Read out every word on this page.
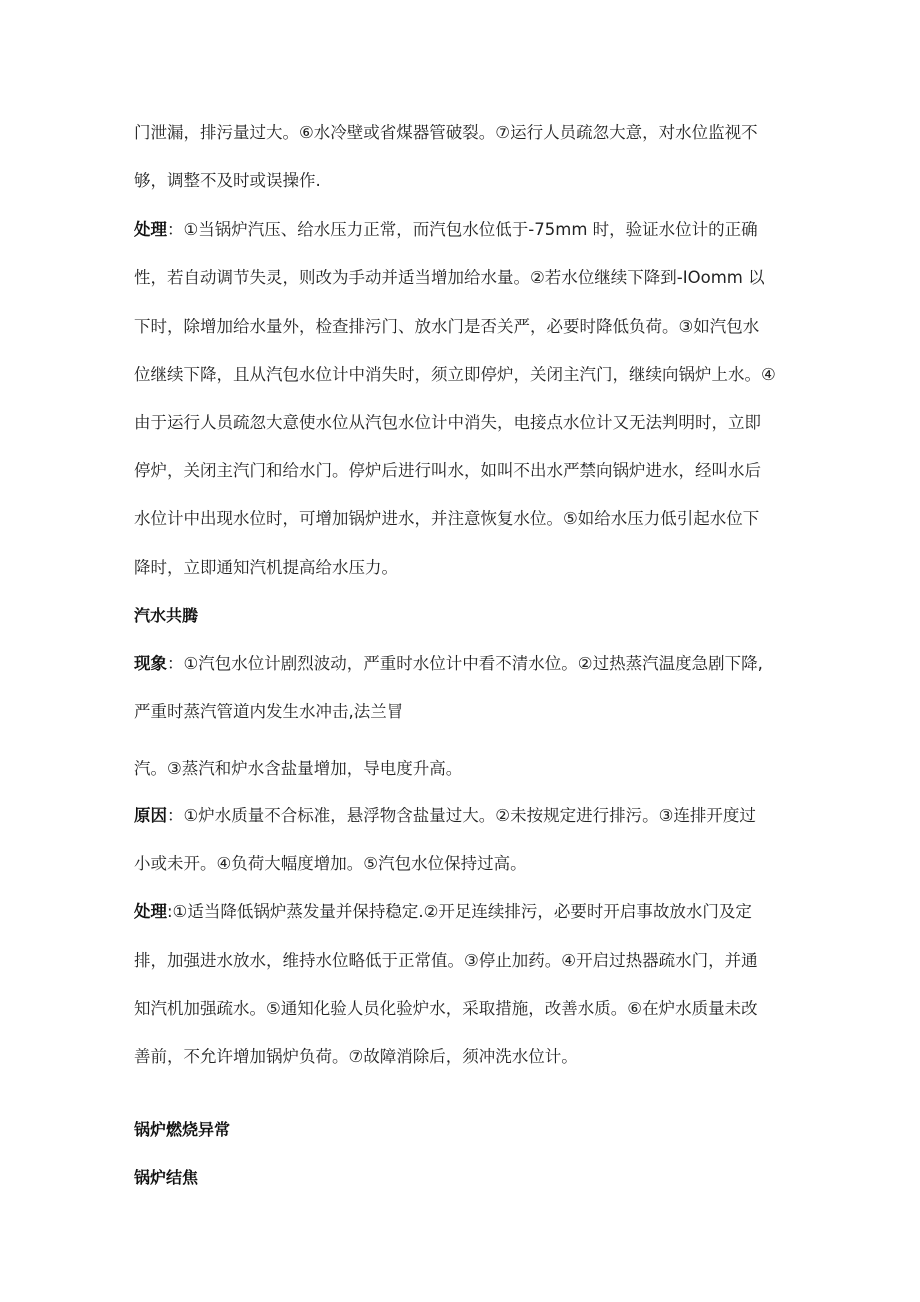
门泄漏，排污量过大。⑥水冷壁或省煤器管破裂。⑦运行人员疏忽大意，对水位监视不
够，调整不及时或误操作.
处理：①当锅炉汽压、给水压力正常，而汽包水位低于-75mm 时，验证水位计的正确
性，若自动调节失灵，则改为手动并适当增加给水量。②若水位继续下降到-IOomm 以
下时，除增加给水量外，检查排污门、放水门是否关严，必要时降低负荷。③如汽包水
位继续下降，且从汽包水位计中消失时，须立即停炉，关闭主汽门，继续向锅炉上水。④
由于运行人员疏忽大意使水位从汽包水位计中消失，电接点水位计又无法判明时，立即
停炉，关闭主汽门和给水门。停炉后进行叫水，如叫不出水严禁向锅炉进水，经叫水后
水位计中出现水位时，可增加锅炉进水，并注意恢复水位。⑤如给水压力低引起水位下
降时，立即通知汽机提高给水压力。
汽水共腾
现象：①汽包水位计剧烈波动，严重时水位计中看不清水位。②过热蒸汽温度急剧下降,
严重时蒸汽管道内发生水冲击,法兰冒
汽。③蒸汽和炉水含盐量增加，导电度升高。
原因：①炉水质量不合标准，悬浮物含盐量过大。②未按规定进行排污。③连排开度过
小或未开。④负荷大幅度增加。⑤汽包水位保持过高。
处理:①适当降低锅炉蒸发量并保持稳定.②开足连续排污，必要时开启事故放水门及定
排，加强进水放水，维持水位略低于正常值。③停止加药。④开启过热器疏水门，并通
知汽机加强疏水。⑤通知化验人员化验炉水，采取措施，改善水质。⑥在炉水质量未改
善前，不允许增加锅炉负荷。⑦故障消除后，须冲洗水位计。
锅炉燃烧异常
锅炉结焦
